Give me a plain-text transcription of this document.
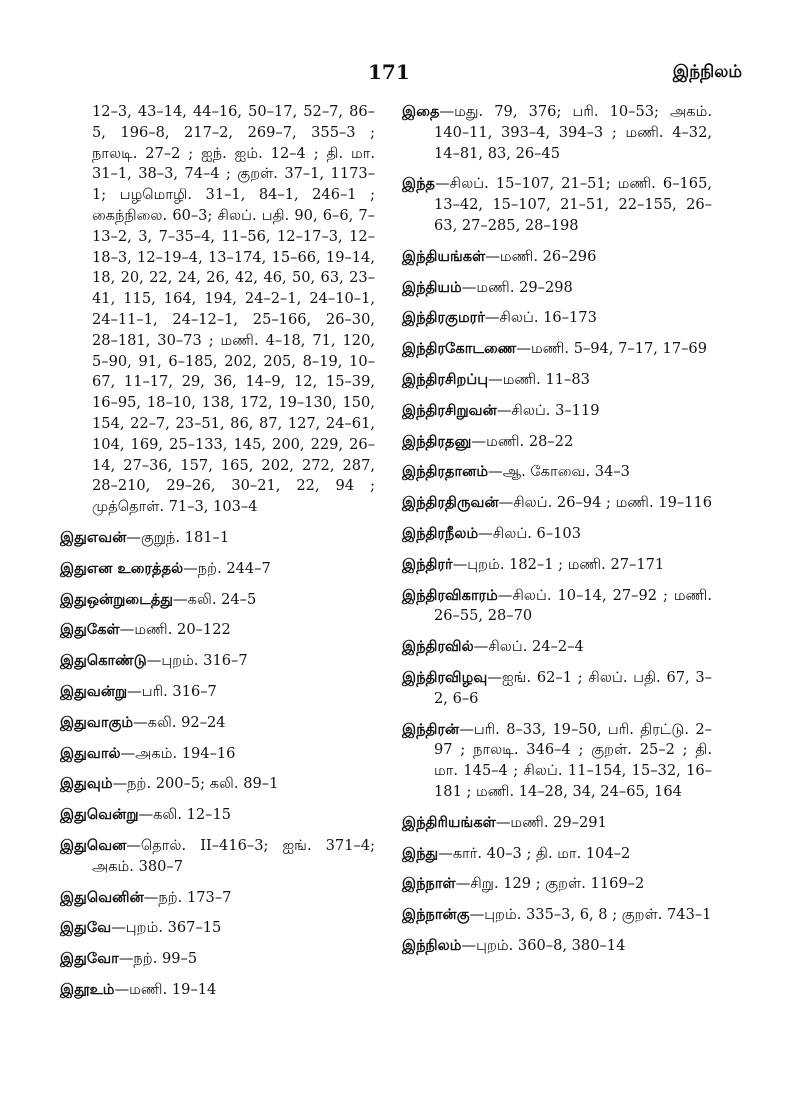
171	இந்நிலம்
12–3, 43–14, 44–16, 50–17, 52–7, 86–5, 196–8, 217–2, 269–7, 355–3 ; நாலடி. 27–2 ; ஐந். ஐம். 12–4 ; தி. மா. 31–1, 38–3, 74–4 ; குறள். 37–1, 1173–1; பழமொழி. 31–1, 84–1, 246–1 ; கைந்நிலை. 60–3; சிலப். பதி. 90, 6–6, 7–13–2, 3, 7–35–4, 11–56, 12–17–3, 12–18–3, 12–19–4, 13–174, 15–66, 19–14, 18, 20, 22, 24, 26, 42, 46, 50, 63, 23–41, 115, 164, 194, 24–2–1, 24–10–1, 24–11–1, 24–12–1, 25–166, 26–30, 28–181, 30–73 ; மணி. 4–18, 71, 120, 5–90, 91, 6–185, 202, 205, 8–19, 10–67, 11–17, 29, 36, 14–9, 12, 15–39, 16–95, 18–10, 138, 172, 19–130, 150, 154, 22–7, 23–51, 86, 87, 127, 24–61, 104, 169, 25–133, 145, 200, 229, 26–14, 27–36, 157, 165, 202, 272, 287, 28–210, 29–26, 30–21, 22, 94 ; முத்தொள். 71–3, 103–4
இதுஎவன்—குறுந். 181–1
இதுஎன உரைத்தல்—நற். 244–7
இதுஒன்றுடைத்து—கலி. 24–5
இதுகேள்—மணி. 20–122
இதுகொண்டு—புறம். 316–7
இதுவன்று—பரி. 316–7
இதுவாகும்—கலி. 92–24
இதுவால்—அகம். 194–16
இதுவும்—நற். 200–5; கலி. 89–1
இதுவென்று—கலி. 12–15
இதுவென—தொல். II–416–3; ஐங். 371–4; அகம். 380–7
இதுவெனின்—நற். 173–7
இதுவே—புறம். 367–15
இதுவோ—நற். 99–5
இதூஉம்—மணி. 19–14
இதை—மது. 79, 376; பரி. 10–53; அகம். 140–11, 393–4, 394–3 ; மணி. 4–32, 14–81, 83, 26–45
இந்த—சிலப். 15–107, 21–51; மணி. 6–165, 13–42, 15–107, 21–51, 22–155, 26–63, 27–285, 28–198
இந்தியங்கள்—மணி. 26–296
இந்தியம்—மணி. 29–298
இந்திரகுமரர்—சிலப். 16–173
இந்திரகோடணை—மணி. 5–94, 7–17, 17–69
இந்திரசிறப்பு—மணி. 11–83
இந்திரசிறுவன்—சிலப். 3–119
இந்திரதனு—மணி. 28–22
இந்திரதானம்—ஆ. கோவை. 34–3
இந்திரதிருவன்—சிலப். 26–94 ; மணி. 19–116
இந்திரநீலம்—சிலப். 6–103
இந்திரர்—புறம். 182–1 ; மணி. 27–171
இந்திரவிகாரம்—சிலப். 10–14, 27–92 ; மணி. 26–55, 28–70
இந்திரவில்—சிலப். 24–2–4
இந்திரவிழவு—ஐங். 62–1 ; சிலப். பதி. 67, 3–2, 6–6
இந்திரன்—பரி. 8–33, 19–50, பரி. திரட்டு. 2–97 ; நாலடி. 346–4 ; குறள். 25–2 ; தி. மா. 145–4 ; சிலப். 11–154, 15–32, 16–181 ; மணி. 14–28, 34, 24–65, 164
இந்திரியங்கள்—மணி. 29–291
இந்து—கார். 40–3 ; தி. மா. 104–2
இந்நாள்—சிறு. 129 ; குறள். 1169–2
இந்நான்கு—புறம். 335–3, 6, 8 ; குறள். 743–1
இந்நிலம்—புறம். 360–8, 380–14
